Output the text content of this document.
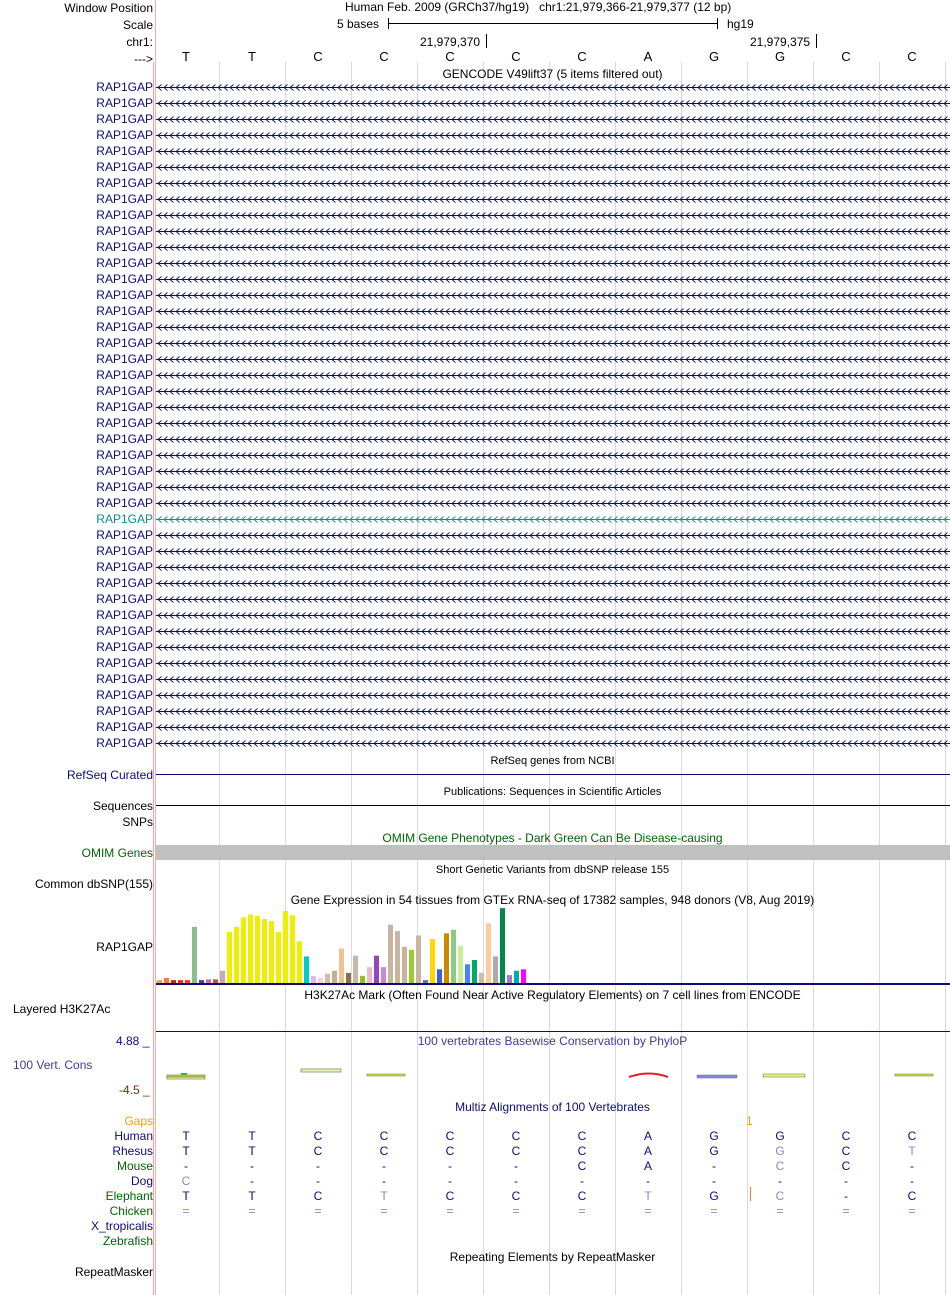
Window Position
Scale
chr1:
--->
Human Feb. 2009 (GRCh37/hg19) chr1:21,979,366-21,979,377 (12 bp)
5 bases	hg19
21,979,370	21,979,375
T	T	C	C	C	C	C	A	G	G	C	C
GENCODE V49lift37 (5 items filtered out)
RAP1GAP
RAP1GAP
RAP1GAP
RAP1GAP
RAP1GAP
RAP1GAP
RAP1GAP
RAP1GAP
RAP1GAP
RAP1GAP
RAP1GAP
RAP1GAP
RAP1GAP
RAP1GAP
RAP1GAP
RAP1GAP
RAP1GAP
RAP1GAP
RAP1GAP
RAP1GAP
RAP1GAP
RAP1GAP
RAP1GAP
RAP1GAP
RAP1GAP
RAP1GAP
RAP1GAP
RAP1GAP
RAP1GAP
RAP1GAP
RAP1GAP
RAP1GAP
RAP1GAP
RAP1GAP
RAP1GAP
RAP1GAP
RAP1GAP
RAP1GAP
RAP1GAP
RAP1GAP
RAP1GAP
RAP1GAP
RefSeq genes from NCBI
RefSeq Curated
Publications: Sequences in Scientific Articles
Sequences
SNPs
OMIM Gene Phenotypes - Dark Green Can Be Disease-causing
OMIM Genes
Short Genetic Variants from dbSNP release 155
Common dbSNP(155)
Gene Expression in 54 tissues from GTEx RNA-seq of 17382 samples, 948 donors (V8, Aug 2019)
RAP1GAP
H3K27Ac Mark (Often Found Near Active Regulatory Elements) on 7 cell lines from ENCODE
Layered H3K27Ac
4.88 _	100 vertebrates Basewise Conservation by PhyloP
100 Vert. Cons
-4.5 _
Multiz Alignments of 100 Vertebrates
Gaps	1
Human	T	T	C	C	C	C	C	A	G	G	C	C
Rhesus	T	T	C	C	C	C	C	A	G	G	C	T
Mouse	-	-	-	-	-	-	C	A	-	C	C	-
Dog	C	-	-	-	-	-	-	-	-	-	-	-
Elephant	T	T	C	T	C	C	C	T	G	C	-	C
Chicken	=	=	=	=	=	=	=	=	=	=	=	=
X_tropicalis
Zebrafish
Repeating Elements by RepeatMasker
RepeatMasker
